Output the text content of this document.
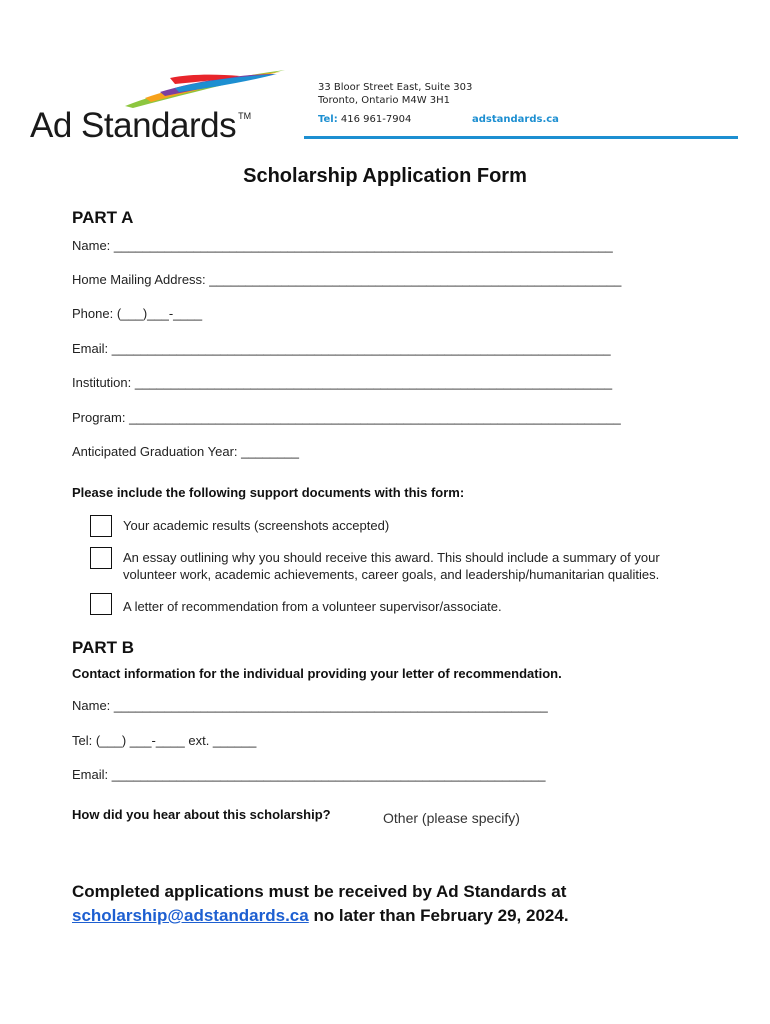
Ad Standards ™
33 Bloor Street East, Suite 303
Toronto, Ontario M4W 3H1
Tel: 416 961-7904	adstandards.ca
Scholarship Application Form
PART A
Name: _____________________________________________________________________
Home Mailing Address: _________________________________________________________
Phone: (___)___-____
Email: _____________________________________________________________________
Institution: __________________________________________________________________
Program: ____________________________________________________________________
Anticipated Graduation Year: ________
Please include the following support documents with this form:
Your academic results (screenshots accepted)
An essay outlining why you should receive this award. This should include a summary of your
volunteer work, academic achievements, career goals, and leadership/humanitarian qualities.
A letter of recommendation from a volunteer supervisor/associate.
PART B
Contact information for the individual providing your letter of recommendation.
Name: ____________________________________________________________
Tel: (___) ___-____ ext. ______
Email: ____________________________________________________________
How did you hear about this scholarship?	Other (please specify)
Completed applications must be received by Ad Standards at
scholarship@adstandards.ca no later than February 29, 2024.
